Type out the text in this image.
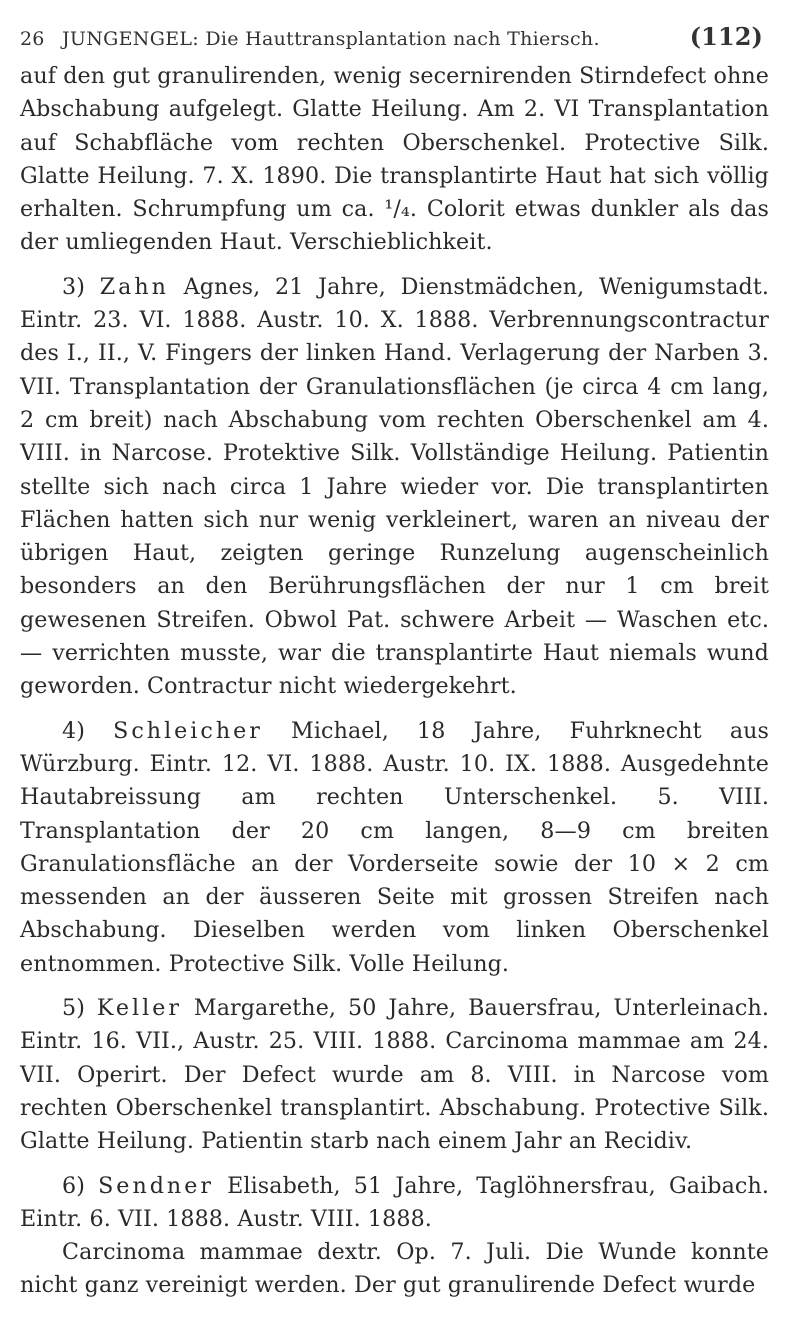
26 JUNGENGEL: Die Hauttransplantation nach Thiersch.	(112)

auf den gut granulirenden, wenig secernirenden Stirndefect ohne Abschabung aufgelegt. Glatte Heilung. Am 2. VI Transplantation auf Schabfläche vom rechten Oberschenkel. Protective Silk. Glatte Heilung. 7. X. 1890. Die transplantirte Haut hat sich völlig erhalten. Schrumpfung um ca. ¹/₄. Colorit etwas dunkler als das der umliegenden Haut. Verschieblichkeit.

3) Zahn Agnes, 21 Jahre, Dienstmädchen, Wenigumstadt. Eintr. 23. VI. 1888. Austr. 10. X. 1888. Verbrennungscontractur des I., II., V. Fingers der linken Hand. Verlagerung der Narben 3. VII. Transplantation der Granulationsflächen (je circa 4 cm lang, 2 cm breit) nach Abschabung vom rechten Oberschenkel am 4. VIII. in Narcose. Protektive Silk. Vollständige Heilung. Patientin stellte sich nach circa 1 Jahre wieder vor. Die transplantirten Flächen hatten sich nur wenig verkleinert, waren an niveau der übrigen Haut, zeigten geringe Runzelung augenscheinlich besonders an den Berührungsflächen der nur 1 cm breit gewesenen Streifen. Obwol Pat. schwere Arbeit — Waschen etc. — verrichten musste, war die transplantirte Haut niemals wund geworden. Contractur nicht wiedergekehrt.

4) Schleicher Michael, 18 Jahre, Fuhrknecht aus Würzburg. Eintr. 12. VI. 1888. Austr. 10. IX. 1888. Ausgedehnte Hautabreissung am rechten Unterschenkel. 5. VIII. Transplantation der 20 cm langen, 8—9 cm breiten Granulationsfläche an der Vorderseite sowie der 10 × 2 cm messenden an der äusseren Seite mit grossen Streifen nach Abschabung. Dieselben werden vom linken Oberschenkel entnommen. Protective Silk. Volle Heilung.

5) Keller Margarethe, 50 Jahre, Bauersfrau, Unterleinach. Eintr. 16. VII., Austr. 25. VIII. 1888. Carcinoma mammae am 24. VII. Operirt. Der Defect wurde am 8. VIII. in Narcose vom rechten Oberschenkel transplantirt. Abschabung. Protective Silk. Glatte Heilung. Patientin starb nach einem Jahr an Recidiv.

6) Sendner Elisabeth, 51 Jahre, Taglöhnersfrau, Gaibach. Eintr. 6. VII. 1888. Austr. VIII. 1888.

Carcinoma mammae dextr. Op. 7. Juli. Die Wunde konnte nicht ganz vereinigt werden. Der gut granulirende Defect wurde
